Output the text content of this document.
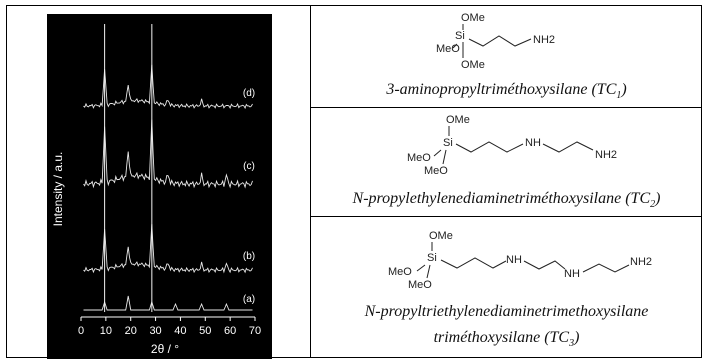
0 10 20 30 40 50 60 70
Intensity / a.u.
2θ / °
(d)
(c)
(b)
(a)
OMe
Si
MeO
OMe
NH2
3-aminopropyltriméthoxysilane $(TC_1)$
OMe
Si
MeO
MeO
NH
NH2
N-propylethylenediaminetriméthoxysilane $(TC_2)$
OMe
Si
MeO
MeO
NH
NH
NH2
N-propyltriethylenediaminetrimethoxysilane
triméthoxysilane $(TC_3)$
